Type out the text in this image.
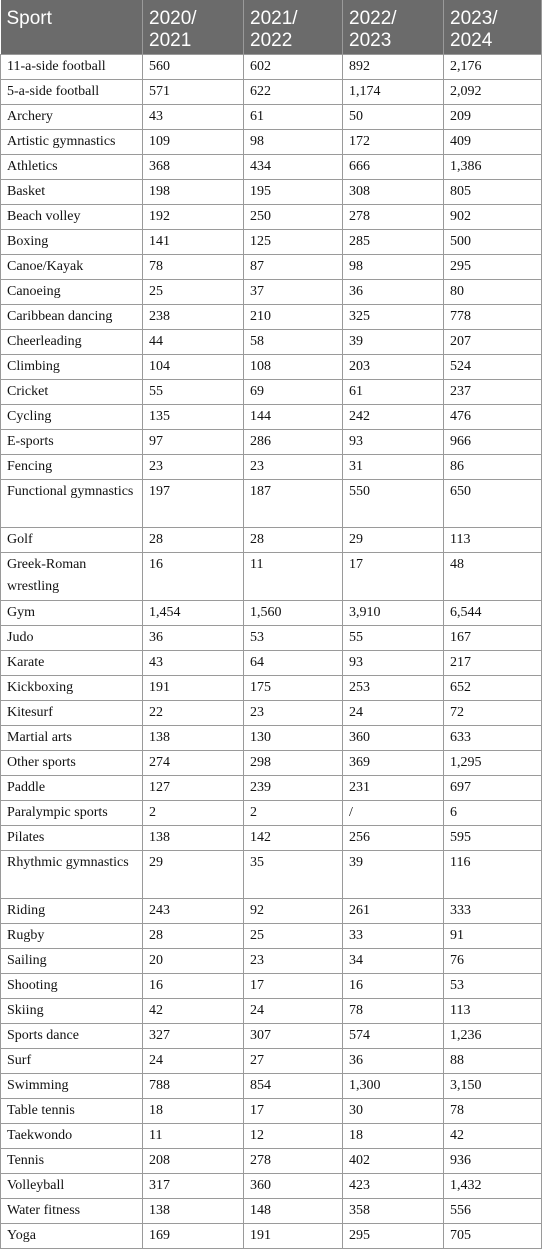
Sport	2020/ 2021	2021/ 2022	2022/ 2023	2023/ 2024
11-a-side football	560	602	892	2,176
5-a-side football	571	622	1,174	2,092
Archery	43	61	50	209
Artistic gymnastics	109	98	172	409
Athletics	368	434	666	1,386
Basket	198	195	308	805
Beach volley	192	250	278	902
Boxing	141	125	285	500
Canoe/Kayak	78	87	98	295
Canoeing	25	37	36	80
Caribbean dancing	238	210	325	778
Cheerleading	44	58	39	207
Climbing	104	108	203	524
Cricket	55	69	61	237
Cycling	135	144	242	476
E-sports	97	286	93	966
Fencing	23	23	31	86
Functional gymnastics	197	187	550	650
Golf	28	28	29	113
Greek-Roman wrestling	16	11	17	48
Gym	1,454	1,560	3,910	6,544
Judo	36	53	55	167
Karate	43	64	93	217
Kickboxing	191	175	253	652
Kitesurf	22	23	24	72
Martial arts	138	130	360	633
Other sports	274	298	369	1,295
Paddle	127	239	231	697
Paralympic sports	2	2	/	6
Pilates	138	142	256	595
Rhythmic gymnastics	29	35	39	116
Riding	243	92	261	333
Rugby	28	25	33	91
Sailing	20	23	34	76
Shooting	16	17	16	53
Skiing	42	24	78	113
Sports dance	327	307	574	1,236
Surf	24	27	36	88
Swimming	788	854	1,300	3,150
Table tennis	18	17	30	78
Taekwondo	11	12	18	42
Tennis	208	278	402	936
Volleyball	317	360	423	1,432
Water fitness	138	148	358	556
Yoga	169	191	295	705
